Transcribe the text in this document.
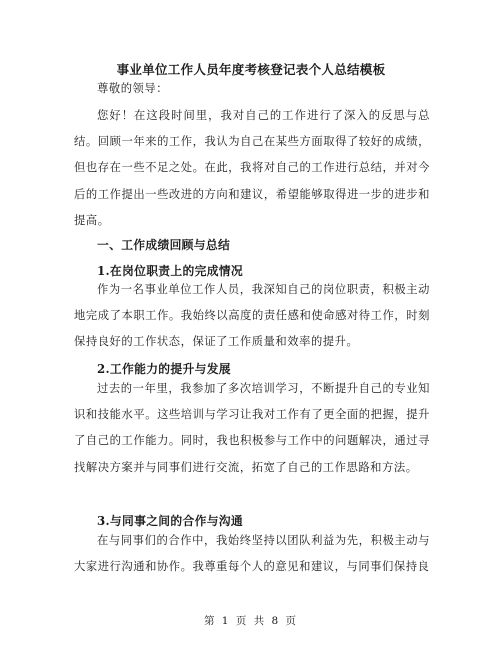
事业单位工作人员年度考核登记表个人总结模板
尊敬的领导：
您好！在这段时间里，我对自己的工作进行了深入的反思与总结。回顾一年来的工作，我认为自己在某些方面取得了较好的成绩，但也存在一些不足之处。在此，我将对自己的工作进行总结，并对今后的工作提出一些改进的方向和建议，希望能够取得进一步的进步和提高。
一、工作成绩回顾与总结
1.在岗位职责上的完成情况
作为一名事业单位工作人员，我深知自己的岗位职责，积极主动地完成了本职工作。我始终以高度的责任感和使命感对待工作，时刻保持良好的工作状态，保证了工作质量和效率的提升。
2.工作能力的提升与发展
过去的一年里，我参加了多次培训学习，不断提升自己的专业知识和技能水平。这些培训与学习让我对工作有了更全面的把握，提升了自己的工作能力。同时，我也积极参与工作中的问题解决，通过寻找解决方案并与同事们进行交流，拓宽了自己的工作思路和方法。
3.与同事之间的合作与沟通
在与同事们的合作中，我始终坚持以团队利益为先，积极主动与大家进行沟通和协作。我尊重每个人的意见和建议，与同事们保持良
第 1 页 共 8 页
